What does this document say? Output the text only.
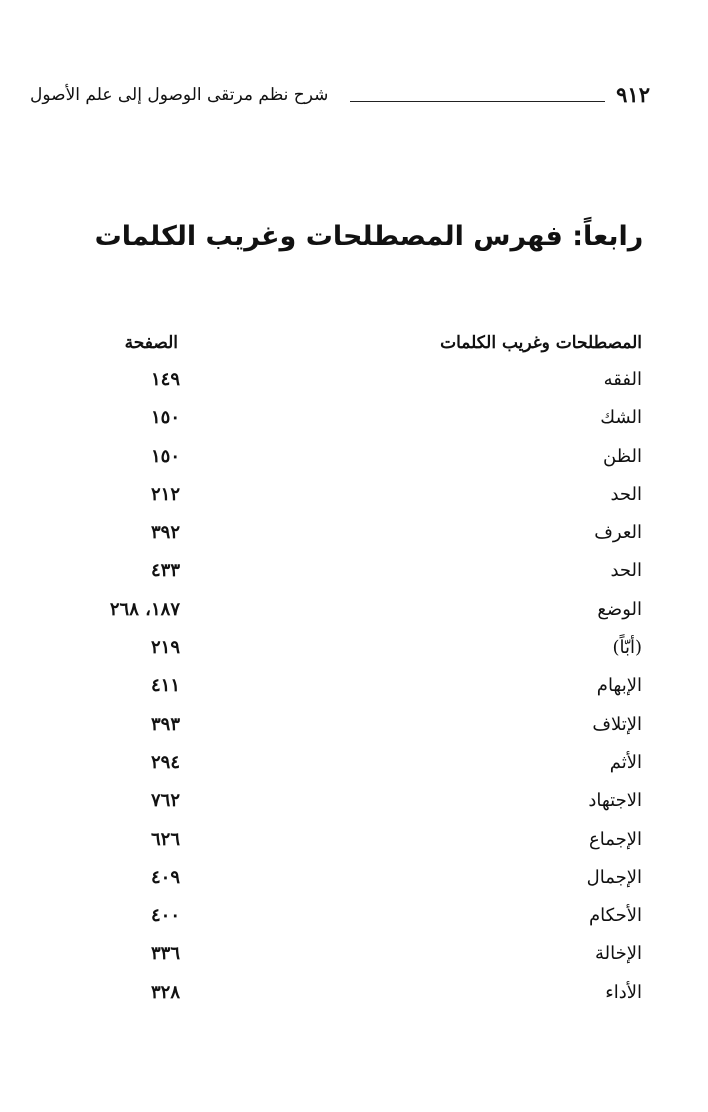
٩١٢
شرح نظم مرتقى الوصول إلى علم الأصول
رابعاً: فهرس المصطلحات وغريب الكلمات
المصطلحات وغريب الكلمات
الصفحة
الفقه
١٤٩
الشك
١٥٠
الظن
١٥٠
الحد
٢١٢
العرف
٣٩٢
الحد
٤٣٣
الوضع
١٨٧، ٢٦٨
(أبّاً)
٢١٩
الإبهام
٤١١
الإتلاف
٣٩٣
الأثم
٢٩٤
الاجتهاد
٧٦٢
الإجماع
٦٢٦
الإجمال
٤٠٩
الأحكام
٤٠٠
الإخالة
٣٣٦
الأداء
٣٢٨
